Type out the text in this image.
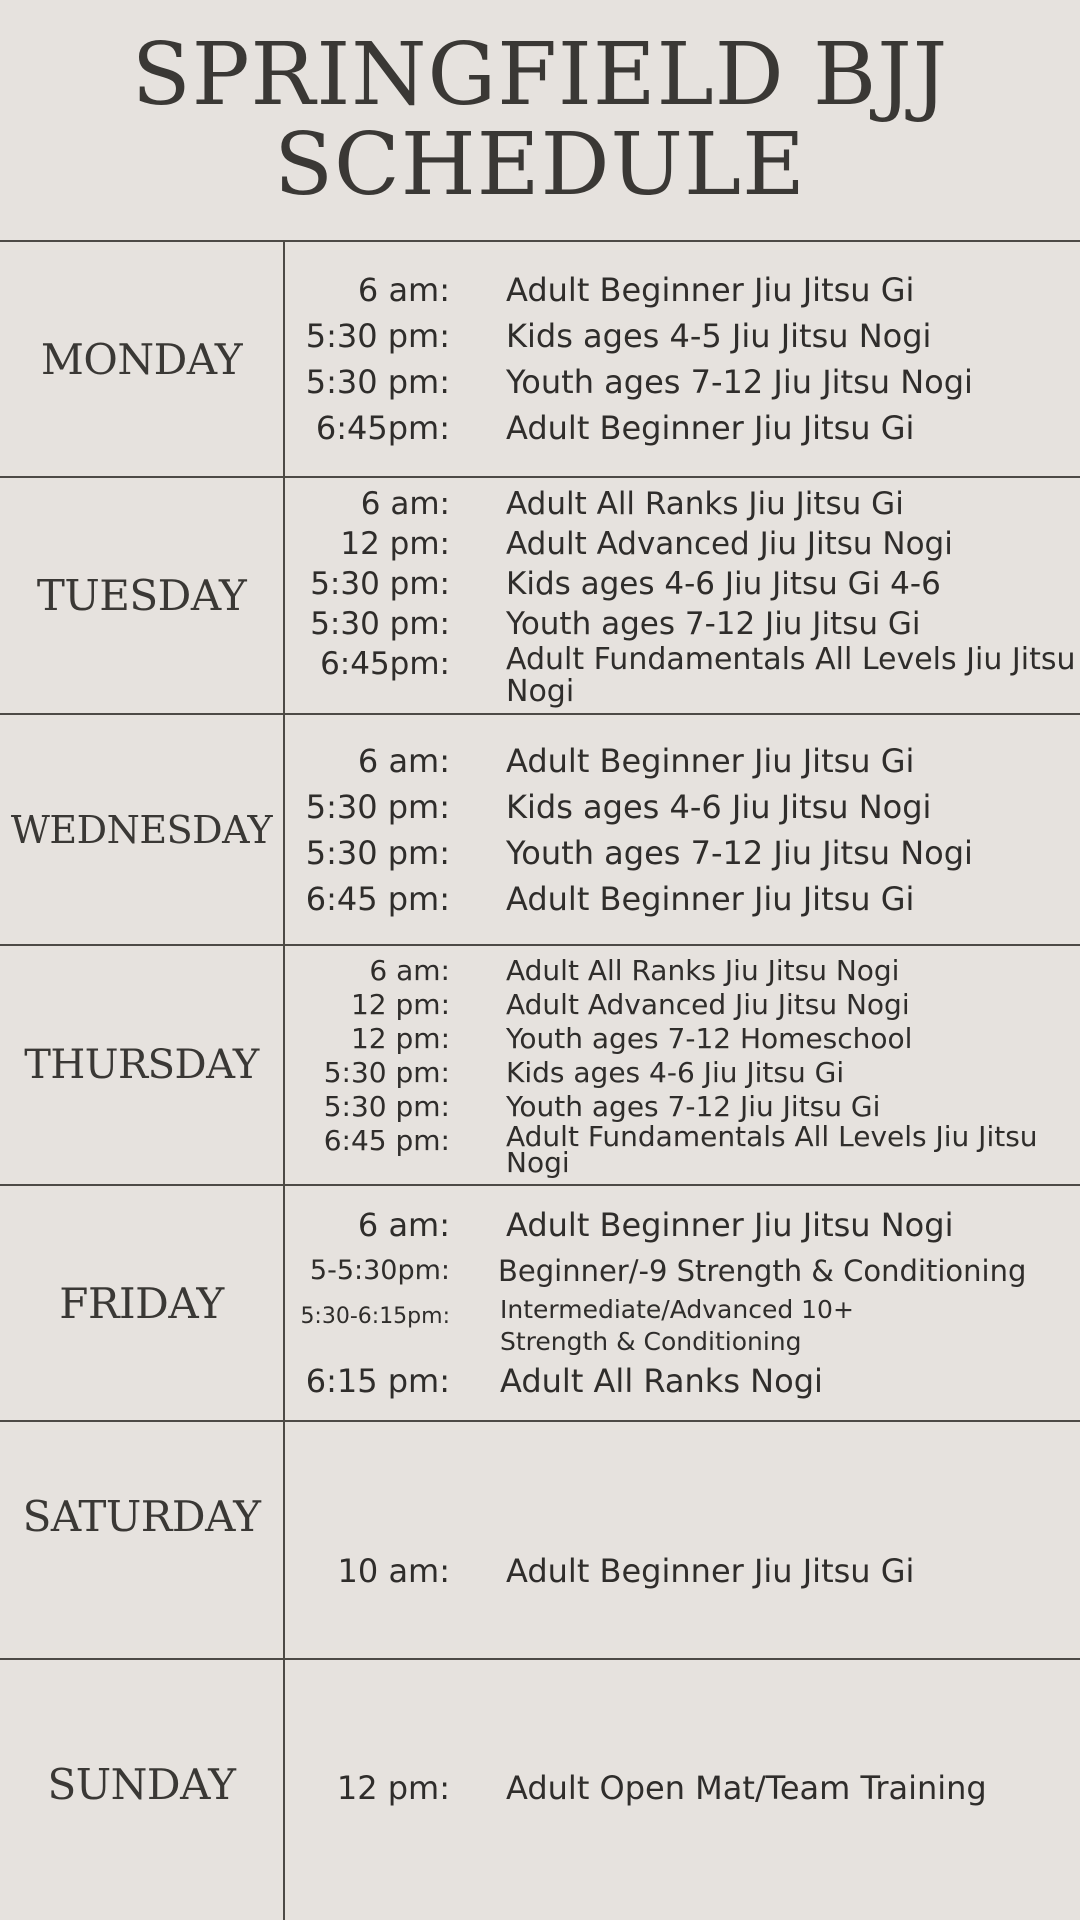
SPRINGFIELD BJJ
SCHEDULE
MONDAY
6 am:	Adult Beginner Jiu Jitsu Gi
5:30 pm:	Kids ages 4-5 Jiu Jitsu Nogi
5:30 pm:	Youth ages 7-12 Jiu Jitsu Nogi
6:45pm:	Adult Beginner Jiu Jitsu Gi
TUESDAY
6 am:	Adult All Ranks Jiu Jitsu Gi
12 pm:	Adult Advanced Jiu Jitsu Nogi
5:30 pm:	Kids ages 4-6 Jiu Jitsu Gi 4-6
5:30 pm:	Youth ages 7-12 Jiu Jitsu Gi
6:45pm:	Adult Fundamentals All Levels Jiu Jitsu Nogi
WEDNESDAY
6 am:	Adult Beginner Jiu Jitsu Gi
5:30 pm:	Kids ages 4-6 Jiu Jitsu Nogi
5:30 pm:	Youth ages 7-12 Jiu Jitsu Nogi
6:45 pm:	Adult Beginner Jiu Jitsu Gi
THURSDAY
6 am:	Adult All Ranks Jiu Jitsu Nogi
12 pm:	Adult Advanced Jiu Jitsu Nogi
12 pm:	Youth ages 7-12 Homeschool
5:30 pm:	Kids ages 4-6 Jiu Jitsu Gi
5:30 pm:	Youth ages 7-12 Jiu Jitsu Gi
6:45 pm:	Adult Fundamentals All Levels Jiu Jitsu Nogi
FRIDAY
6 am:	Adult Beginner Jiu Jitsu Nogi
5-5:30pm:	Beginner/-9 Strength & Conditioning
5:30-6:15pm:	Intermediate/Advanced 10+ Strength & Conditioning
6:15 pm:	Adult All Ranks Nogi
SATURDAY
10 am:	Adult Beginner Jiu Jitsu Gi
SUNDAY	12 pm:	Adult Open Mat/Team Training
